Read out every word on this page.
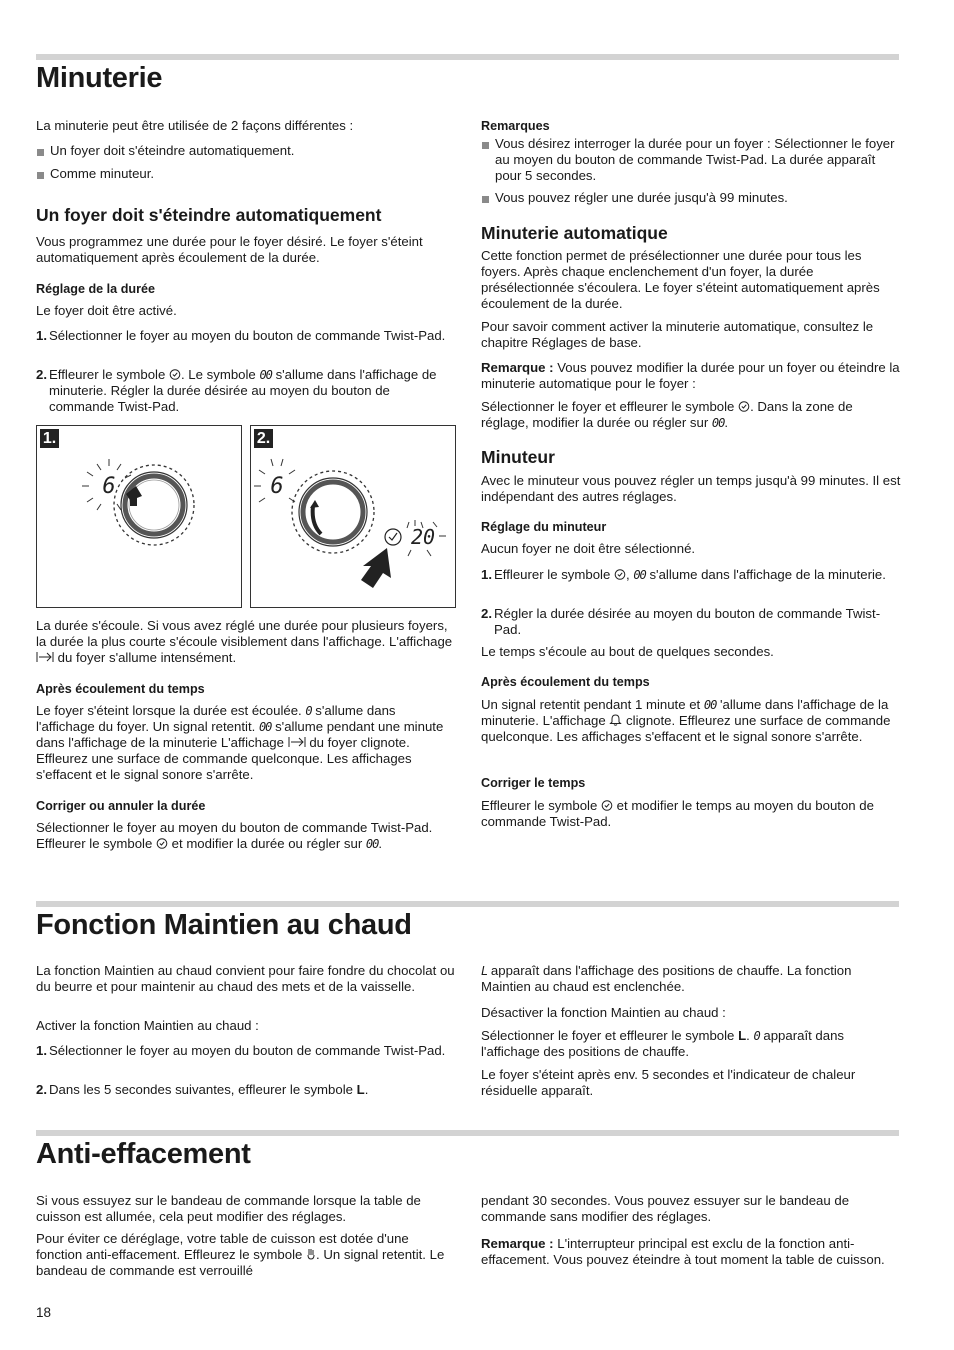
Minuterie

La minuterie peut être utilisée de 2 façons différentes :

Un foyer doit s'éteindre automatiquement.

Comme minuteur.

Un foyer doit s'éteindre automatiquement

Vous programmez une durée pour le foyer désiré. Le foyer s'éteint automatiquement après écoulement de la durée.

Réglage de la durée

Le foyer doit être activé.

1. Sélectionner le foyer au moyen du bouton de commande Twist-Pad.

2. Effleurer le symbole . Le symbole 00 s'allume dans l'affichage de minuterie. Régler la durée désirée au moyen du bouton de commande Twist-Pad.

1.
6
2.
6
20

La durée s'écoule. Si vous avez réglé une durée pour plusieurs foyers, la durée la plus courte s'écoule visiblement dans l'affichage. L'affichage  du foyer s'allume intensément.

Après écoulement du temps

Le foyer s'éteint lorsque la durée est écoulée. 0 s'allume dans l'affichage du foyer. Un signal retentit. 00 s'allume pendant une minute dans l'affichage de la minuterie L'affichage du foyer clignote. Effleurez une surface de commande quelconque. Les affichages s'effacent et le signal sonore s'arrête.

Corriger ou annuler la durée

Sélectionner le foyer au moyen du bouton de commande Twist-Pad. Effleurer le symbole et modifier la durée ou régler sur 00.

Remarques

Vous désirez interroger la durée pour un foyer : Sélectionner le foyer au moyen du bouton de commande Twist-Pad. La durée apparaît pour 5 secondes.

Vous pouvez régler une durée jusqu'à 99 minutes.

Minuterie automatique

Cette fonction permet de présélectionner une durée pour tous les foyers. Après chaque enclenchement d'un foyer, la durée présélectionnée s'écoulera. Le foyer s'éteint automatiquement après écoulement de la durée.

Pour savoir comment activer la minuterie automatique, consultez le chapitre Réglages de base.

Remarque : Vous pouvez modifier la durée pour un foyer ou éteindre la minuterie automatique pour le foyer :

Sélectionner le foyer et effleurer le symbole . Dans la zone de réglage, modifier la durée ou régler sur 00.

Minuteur

Avec le minuteur vous pouvez régler un temps jusqu'à 99 minutes. Il est indépendant des autres réglages.

Réglage du minuteur

Aucun foyer ne doit être sélectionné.

1. Effleurer le symbole , 00 s'allume dans l'affichage de la minuterie.

2. Régler la durée désirée au moyen du bouton de commande Twist-Pad.

Le temps s'écoule au bout de quelques secondes.

Après écoulement du temps

Un signal retentit pendant 1 minute et 00 'allume dans l'affichage de la minuterie. L'affichage clignote. Effleurez une surface de commande quelconque. Les affichages s'effacent et le signal sonore s'arrête.

Corriger le temps

Effleurer le symbole et modifier le temps au moyen du bouton de commande Twist-Pad.

Fonction Maintien au chaud

La fonction Maintien au chaud convient pour faire fondre du chocolat ou du beurre et pour maintenir au chaud des mets et de la vaisselle.

Activer la fonction Maintien au chaud :

1. Sélectionner le foyer au moyen du bouton de commande Twist-Pad.

2. Dans les 5 secondes suivantes, effleurer le symbole L.

L apparaît dans l'affichage des positions de chauffe. La fonction Maintien au chaud est enclenchée.

Désactiver la fonction Maintien au chaud :

Sélectionner le foyer et effleurer le symbole L. 0 apparaît dans l'affichage des positions de chauffe.

Le foyer s'éteint après env. 5 secondes et l'indicateur de chaleur résiduelle apparaît.

Anti-effacement

Si vous essuyez sur le bandeau de commande lorsque la table de cuisson est allumée, cela peut modifier des réglages.

Pour éviter ce déréglage, votre table de cuisson est dotée d'une fonction anti-effacement. Effleurez le symbole . Un signal retentit. Le bandeau de commande est verrouillé

pendant 30 secondes. Vous pouvez essuyer sur le bandeau de commande sans modifier des réglages.

Remarque : L'interrupteur principal est exclu de la fonction anti-effacement. Vous pouvez éteindre à tout moment la table de cuisson.

18
